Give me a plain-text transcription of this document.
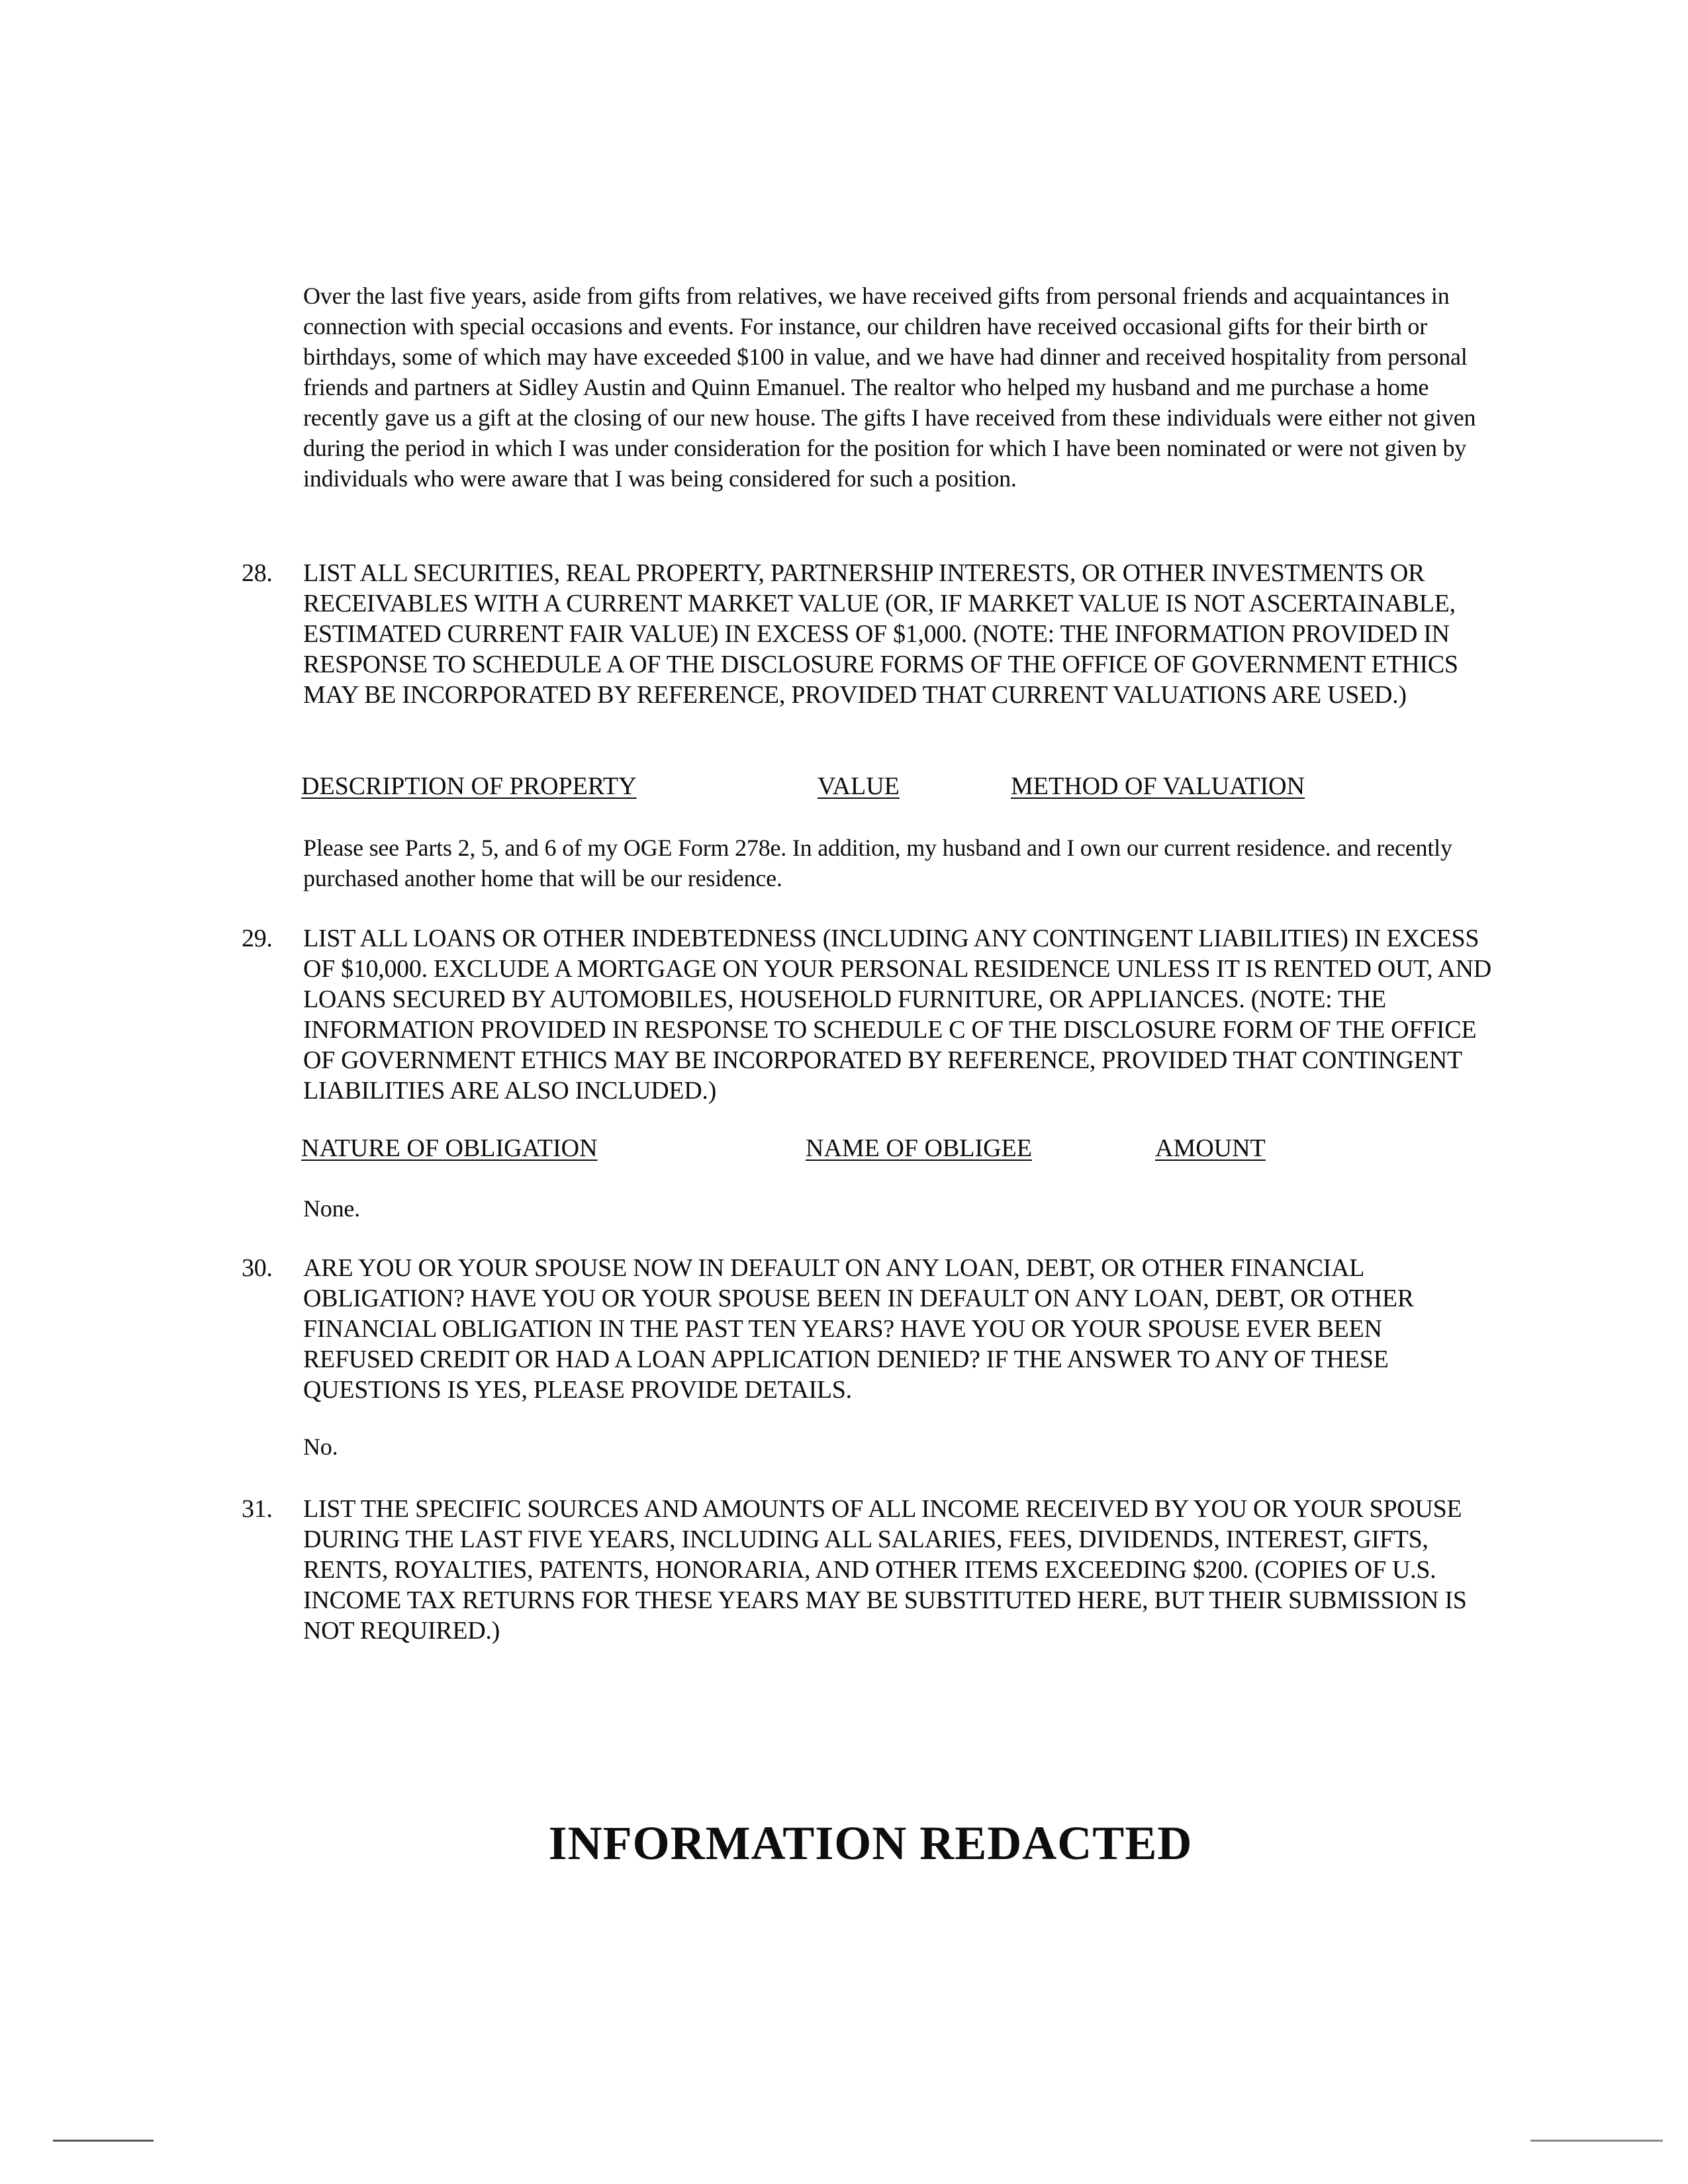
Over the last five years, aside from gifts from relatives, we have received gifts from personal friends and acquaintances in connection with special occasions and events. For instance, our children have received occasional gifts for their birth or birthdays, some of which may have exceeded $100 in value, and we have had dinner and received hospitality from personal friends and partners at Sidley Austin and Quinn Emanuel. The realtor who helped my husband and me purchase a home recently gave us a gift at the closing of our new house. The gifts I have received from these individuals were either not given during the period in which I was under consideration for the position for which I have been nominated or were not given by individuals who were aware that I was being considered for such a position.
28. LIST ALL SECURITIES, REAL PROPERTY, PARTNERSHIP INTERESTS, OR OTHER INVESTMENTS OR RECEIVABLES WITH A CURRENT MARKET VALUE (OR, IF MARKET VALUE IS NOT ASCERTAINABLE, ESTIMATED CURRENT FAIR VALUE) IN EXCESS OF $1,000. (NOTE: THE INFORMATION PROVIDED IN RESPONSE TO SCHEDULE A OF THE DISCLOSURE FORMS OF THE OFFICE OF GOVERNMENT ETHICS MAY BE INCORPORATED BY REFERENCE, PROVIDED THAT CURRENT VALUATIONS ARE USED.)
DESCRIPTION OF PROPERTY	VALUE	METHOD OF VALUATION
Please see Parts 2, 5, and 6 of my OGE Form 278e. In addition, my husband and I own our current residence. and recently purchased another home that will be our residence.
29. LIST ALL LOANS OR OTHER INDEBTEDNESS (INCLUDING ANY CONTINGENT LIABILITIES) IN EXCESS OF $10,000. EXCLUDE A MORTGAGE ON YOUR PERSONAL RESIDENCE UNLESS IT IS RENTED OUT, AND LOANS SECURED BY AUTOMOBILES, HOUSEHOLD FURNITURE, OR APPLIANCES. (NOTE: THE INFORMATION PROVIDED IN RESPONSE TO SCHEDULE C OF THE DISCLOSURE FORM OF THE OFFICE OF GOVERNMENT ETHICS MAY BE INCORPORATED BY REFERENCE, PROVIDED THAT CONTINGENT LIABILITIES ARE ALSO INCLUDED.)
NATURE OF OBLIGATION	NAME OF OBLIGEE	AMOUNT
None.
30. ARE YOU OR YOUR SPOUSE NOW IN DEFAULT ON ANY LOAN, DEBT, OR OTHER FINANCIAL OBLIGATION? HAVE YOU OR YOUR SPOUSE BEEN IN DEFAULT ON ANY LOAN, DEBT, OR OTHER FINANCIAL OBLIGATION IN THE PAST TEN YEARS? HAVE YOU OR YOUR SPOUSE EVER BEEN REFUSED CREDIT OR HAD A LOAN APPLICATION DENIED? IF THE ANSWER TO ANY OF THESE QUESTIONS IS YES, PLEASE PROVIDE DETAILS.
No.
31. LIST THE SPECIFIC SOURCES AND AMOUNTS OF ALL INCOME RECEIVED BY YOU OR YOUR SPOUSE DURING THE LAST FIVE YEARS, INCLUDING ALL SALARIES, FEES, DIVIDENDS, INTEREST, GIFTS, RENTS, ROYALTIES, PATENTS, HONORARIA, AND OTHER ITEMS EXCEEDING $200. (COPIES OF U.S. INCOME TAX RETURNS FOR THESE YEARS MAY BE SUBSTITUTED HERE, BUT THEIR SUBMISSION IS NOT REQUIRED.)
INFORMATION REDACTED
